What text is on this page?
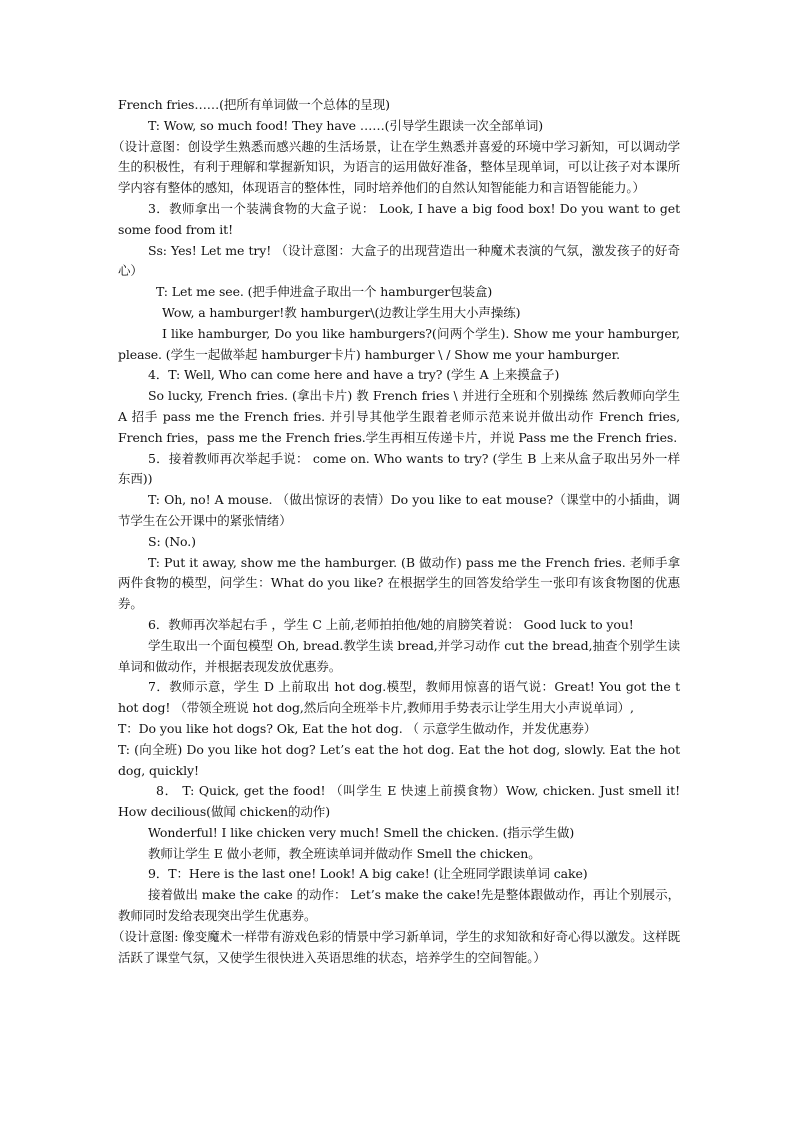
French fries……(把所有单词做一个总体的呈现)

T: Wow, so much food! They have ……(引导学生跟读一次全部单词)

（设计意图：创设学生熟悉而感兴趣的生活场景，让在学生熟悉并喜爱的环境中学习新知，可以调动学生的积极性，有利于理解和掌握新知识，为语言的运用做好准备，整体呈现单词，可以让孩子对本课所学内容有整体的感知，体现语言的整体性，同时培养他们的自然认知智能能力和言语智能能力。）

3．教师拿出一个装满食物的大盒子说： Look, I have a big food box! Do you want to get some food from it!

Ss: Yes! Let me try! （设计意图：大盒子的出现营造出一种魔术表演的气氛，激发孩子的好奇心）

T: Let me see. (把手伸进盒子取出一个 hamburger包装盒)

Wow, a hamburger!教 hamburger\(边教让学生用大小声操练)

I like hamburger, Do you like hamburgers?(问两个学生). Show me your hamburger, please. (学生一起做举起 hamburger卡片) hamburger \ / Show me your hamburger.

4．T: Well, Who can come here and have a try? (学生 A 上来摸盒子)

So lucky, French fries. (拿出卡片) 教 French fries \ 并进行全班和个别操练 然后教师向学生 A 招手 pass me the French fries. 并引导其他学生跟着老师示范来说并做出动作 French fries, French fries，pass me the French fries.学生再相互传递卡片，并说 Pass me the French fries.

5．接着教师再次举起手说： come on. Who wants to try? (学生 B 上来从盒子取出另外一样东西))

T: Oh, no! A mouse. （做出惊讶的表情）Do you like to eat mouse?（课堂中的小插曲，调节学生在公开课中的紧张情绪）

S: (No.)

T: Put it away, show me the hamburger. (B 做动作) pass me the French fries. 老师手拿两件食物的模型，问学生：What do you like? 在根据学生的回答发给学生一张印有该食物图的优惠券。

6．教师再次举起右手 ，学生 C 上前,老师拍拍他/她的肩膀笑着说： Good luck to you!

学生取出一个面包模型 Oh, bread.教学生读 bread,并学习动作 cut the bread,抽查个别学生读单词和做动作，并根据表现发放优惠券。

7．教师示意，学生 D 上前取出 hot dog.模型，教师用惊喜的语气说：Great! You got the t hot dog! （带领全班说 hot dog,然后向全班举卡片,教师用手势表示让学生用大小声说单词）,

T：Do you like hot dogs? Ok, Eat the hot dog. （ 示意学生做动作，并发优惠券）

T: (向全班) Do you like hot dog? Let’s eat the hot dog. Eat the hot dog, slowly. Eat the hot dog, quickly!

8． T: Quick, get the food! （叫学生 E 快速上前摸食物）Wow, chicken. Just smell it! How decilious(做闻 chicken的动作)

Wonderful! I like chicken very much! Smell the chicken. (指示学生做)

教师让学生 E 做小老师，教全班读单词并做动作 Smell the chicken。

9．T：Here is the last one! Look! A big cake! (让全班同学跟读单词 cake)

接着做出 make the cake 的动作： Let’s make the cake!先是整体跟做动作，再让个别展示，教师同时发给表现突出学生优惠券。

（设计意图: 像变魔术一样带有游戏色彩的情景中学习新单词，学生的求知欲和好奇心得以激发。这样既活跃了课堂气氛，又使学生很快进入英语思维的状态，培养学生的空间智能。）
